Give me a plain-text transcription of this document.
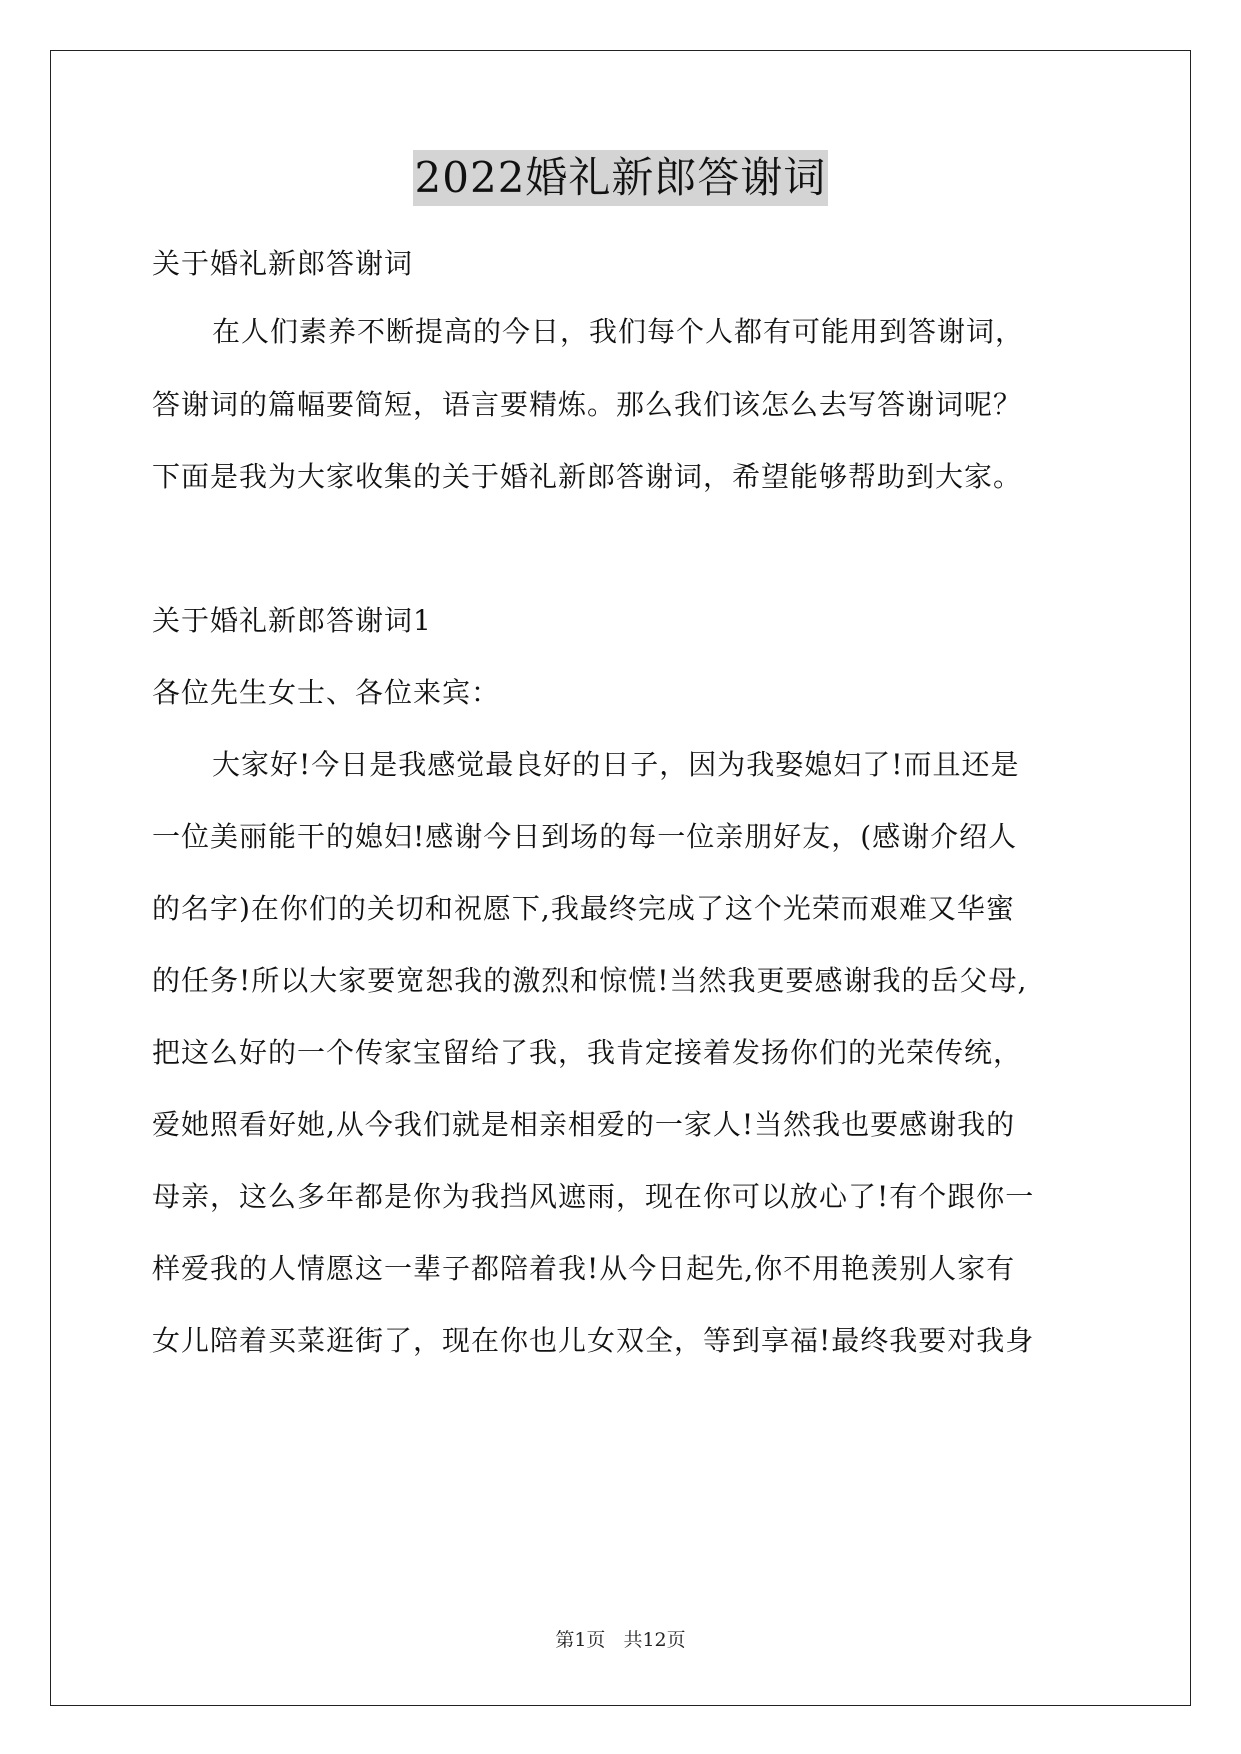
2022婚礼新郎答谢词
关于婚礼新郎答谢词
在人们素养不断提高的今日，我们每个人都有可能用到答谢词，
答谢词的篇幅要简短，语言要精炼。那么我们该怎么去写答谢词呢？
下面是我为大家收集的关于婚礼新郎答谢词，希望能够帮助到大家。
关于婚礼新郎答谢词1
各位先生女士、各位来宾：
大家好!今日是我感觉最良好的日子，因为我娶媳妇了!而且还是
一位美丽能干的媳妇!感谢今日到场的每一位亲朋好友，(感谢介绍人
的名字)在你们的关切和祝愿下,我最终完成了这个光荣而艰难又华蜜
的任务!所以大家要宽恕我的激烈和惊慌!当然我更要感谢我的岳父母,
把这么好的一个传家宝留给了我，我肯定接着发扬你们的光荣传统，
爱她照看好她,从今我们就是相亲相爱的一家人!当然我也要感谢我的
母亲，这么多年都是你为我挡风遮雨，现在你可以放心了!有个跟你一
样爱我的人情愿这一辈子都陪着我!从今日起先,你不用艳羡别人家有
女儿陪着买菜逛街了，现在你也儿女双全，等到享福!最终我要对我身
第1页 共12页
